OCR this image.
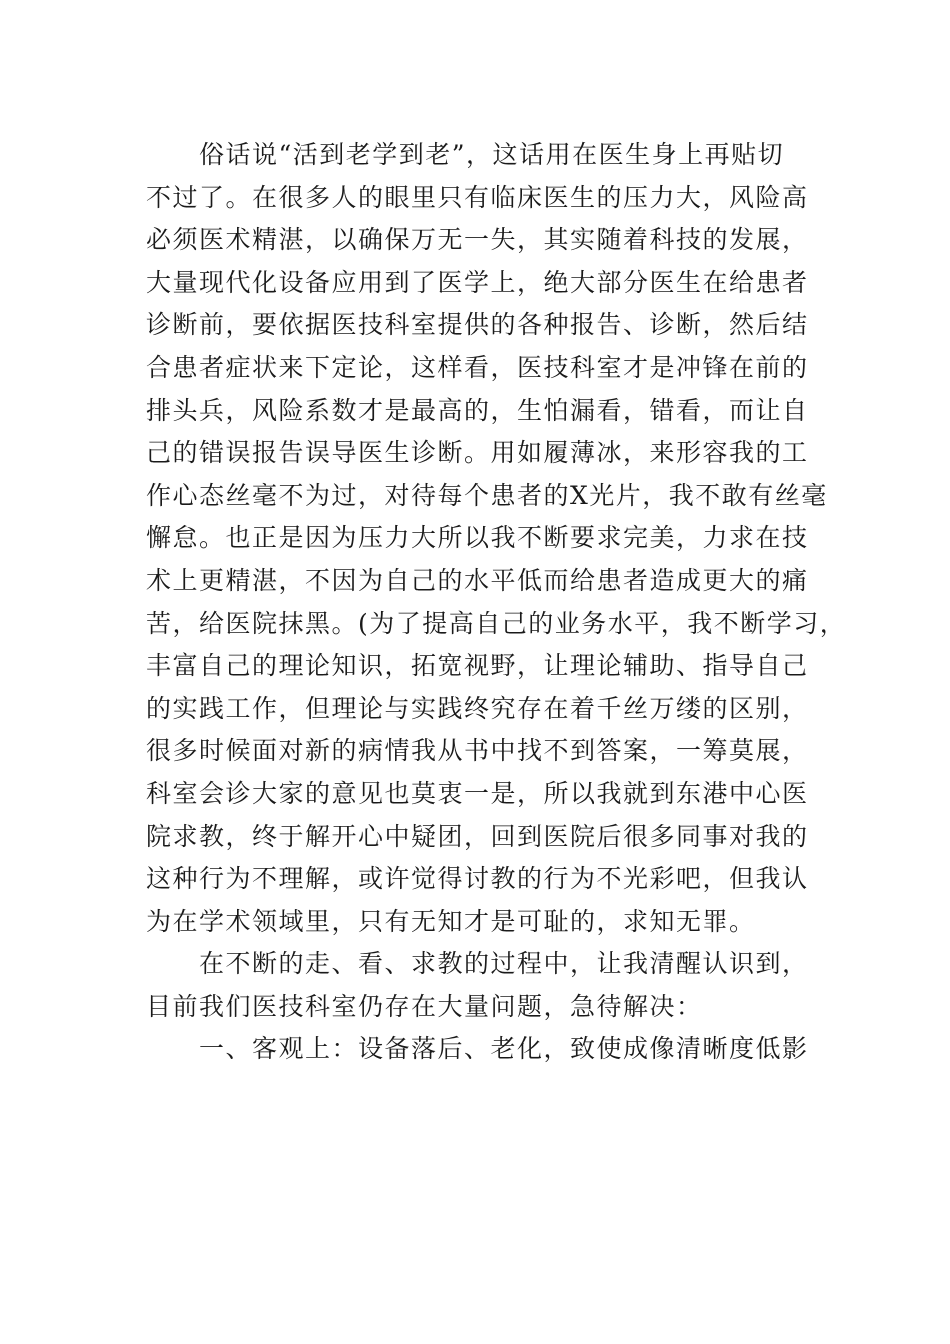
俗话说“活到老学到老”，这话用在医生身上再贴切
不过了。在很多人的眼里只有临床医生的压力大，风险高
必须医术精湛，以确保万无一失，其实随着科技的发展，
大量现代化设备应用到了医学上，绝大部分医生在给患者
诊断前，要依据医技科室提供的各种报告、诊断，然后结
合患者症状来下定论，这样看，医技科室才是冲锋在前的
排头兵，风险系数才是最高的，生怕漏看，错看，而让自
己的错误报告误导医生诊断。用如履薄冰，来形容我的工
作心态丝毫不为过，对待每个患者的X光片，我不敢有丝毫
懈怠。也正是因为压力大所以我不断要求完美，力求在技
术上更精湛，不因为自己的水平低而给患者造成更大的痛
苦，给医院抹黑。(为了提高自己的业务水平，我不断学习，
丰富自己的理论知识，拓宽视野，让理论辅助、指导自己
的实践工作，但理论与实践终究存在着千丝万缕的区别，
很多时候面对新的病情我从书中找不到答案，一筹莫展，
科室会诊大家的意见也莫衷一是，所以我就到东港中心医
院求教，终于解开心中疑团，回到医院后很多同事对我的
这种行为不理解，或许觉得讨教的行为不光彩吧，但我认
为在学术领域里，只有无知才是可耻的，求知无罪。
在不断的走、看、求教的过程中，让我清醒认识到，
目前我们医技科室仍存在大量问题，急待解决：
一、客观上：设备落后、老化，致使成像清晰度低影
